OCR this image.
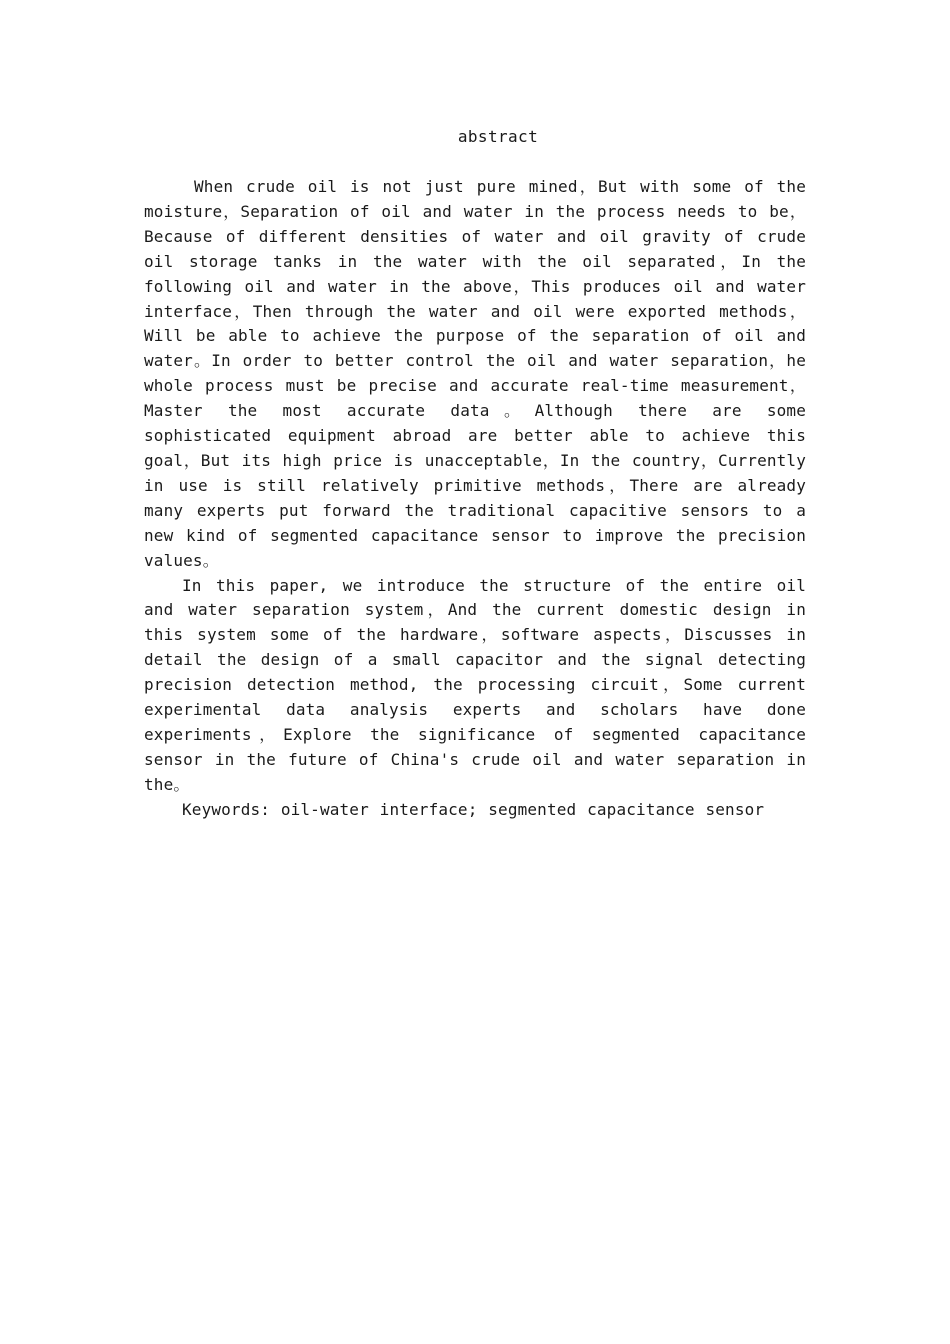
abstract

When crude oil is not just pure mined，But with some of the moisture，Separation of oil and water in the process needs to be，Because of different densities of water and oil gravity of crude oil storage tanks in the water with the oil separated，In the following oil and water in the above，This produces oil and water interface，Then through the water and oil were exported methods，Will be able to achieve the purpose of the separation of oil and water。In order to better control the oil and water separation，he whole process must be precise and accurate real-time measurement，Master the most accurate data。Although there are some sophisticated equipment abroad are better able to achieve this goal，But its high price is unacceptable，In the country，Currently in use is still relatively primitive methods，There are already many experts put forward the traditional capacitive sensors to a new kind of segmented capacitance sensor to improve the precision values。

In this paper, we introduce the structure of the entire oil and water separation system，And the current domestic design in this system some of the hardware，software aspects，Discusses in detail the design of a small capacitor and the signal detecting precision detection method, the processing circuit，Some current experimental data analysis experts and scholars have done experiments，Explore the significance of segmented capacitance sensor in the future of China's crude oil and water separation in the。

Keywords: oil-water interface; segmented capacitance sensor
